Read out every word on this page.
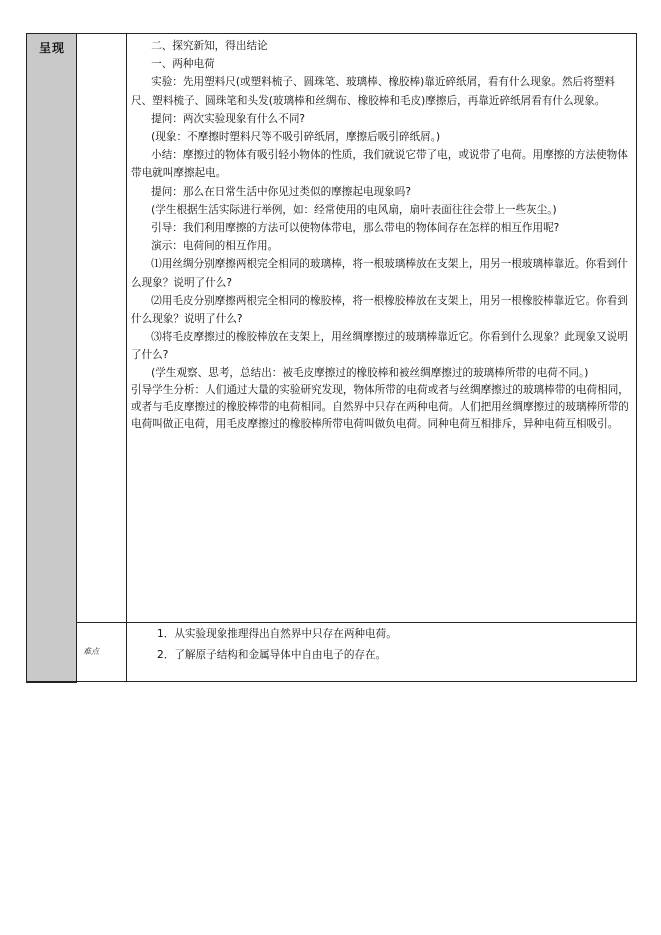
呈现
难点

二、探究新知，得出结论

一、两种电荷

实验：先用塑料尺(或塑料梳子、圆珠笔、玻璃棒、橡胶棒)靠近碎纸屑，看有什么现象。然后将塑料尺、塑料梳子、圆珠笔和头发(玻璃棒和丝绸布、橡胶棒和毛皮)摩擦后，再靠近碎纸屑看有什么现象。

提问：两次实验现象有什么不同?

(现象：不摩擦时塑料尺等不吸引碎纸屑，摩擦后吸引碎纸屑。)

小结：摩擦过的物体有吸引轻小物体的性质，我们就说它带了电，或说带了电荷。用摩擦的方法使物体带电就叫摩擦起电。

提问：那么在日常生活中你见过类似的摩擦起电现象吗?

(学生根据生活实际进行举例，如：经常使用的电风扇，扇叶表面往往会带上一些灰尘。)

引导：我们利用摩擦的方法可以使物体带电，那么带电的物体间存在怎样的相互作用呢?

演示：电荷间的相互作用。

⑴用丝绸分别摩擦两根完全相同的玻璃棒，将一根玻璃棒放在支架上，用另一根玻璃棒靠近。你看到什么现象？说明了什么?

⑵用毛皮分别摩擦两根完全相同的橡胶棒，将一根橡胶棒放在支架上，用另一根橡胶棒靠近它。你看到什么现象？说明了什么?

⑶将毛皮摩擦过的橡胶棒放在支架上，用丝绸摩擦过的玻璃棒靠近它。你看到什么现象？此现象又说明了什么?

(学生观察、思考，总结出：被毛皮摩擦过的橡胶棒和被丝绸摩擦过的玻璃棒所带的电荷不同。)

引导学生分析：人们通过大量的实验研究发现，物体所带的电荷或者与丝绸摩擦过的玻璃棒带的电荷相同，或者与毛皮摩擦过的橡胶棒带的电荷相同。自然界中只存在两种电荷。人们把用丝绸摩擦过的玻璃棒所带的电荷叫做正电荷，用毛皮摩擦过的橡胶棒所带电荷叫做负电荷。同种电荷互相排斥，异种电荷互相吸引。

1．从实验现象推理得出自然界中只存在两种电荷。

2．了解原子结构和金属导体中自由电子的存在。
